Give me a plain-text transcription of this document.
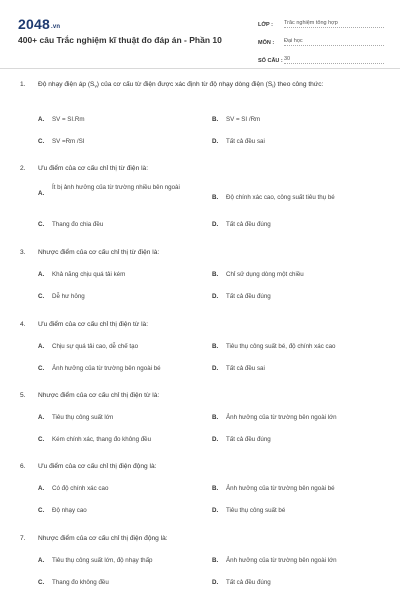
2048.vn
400+ câu Trắc nghiệm kĩ thuật đo đáp án - Phần 10
LỚP :	Trắc nghiệm tổng hợp
MÔN :	Đại học
SỐ CÂU : 30
1. Độ nhạy điện áp $(S_v)$ của cơ cấu từ điện được xác định từ độ nhạy dòng điện $(S_I)$ theo công thức:
A. SV = SI.Rm	B. SV = SI /Rm
C. SV =Rm /SI	D. Tất cả đều sai
2. Ưu điểm của cơ cấu chỉ thị từ điện là:
A.
Ít bị ảnh hưởng của từ trường nhiều bên ngoài
B. Độ chính xác cao, công suất tiêu thụ bé
C. Thang đo chia đều	D. Tất cả đều đúng
3. Nhược điểm của cơ cấu chỉ thị từ điện là:
A. Khả năng chịu quá tải kém	B. Chỉ sử dụng dòng một chiều
C. Dễ hư hỏng	D. Tất cả đều đúng
4. Ưu điểm của cơ cấu chỉ thị điện từ là:
A. Chịu sự quá tải cao, dễ chế tạo	B. Tiêu thụ công suất bé, độ chính xác cao
C. Ảnh hưởng của từ trường bên ngoài bé	D. Tất cả đều sai
5. Nhược điểm của cơ cấu chỉ thị điện từ là:
A. Tiêu thụ công suất lớn	B. Ảnh hưởng của từ trường bên ngoài lớn
C. Kém chính xác, thang đo không đều	D. Tất cả đều đúng
6. Ưu điểm của cơ cấu chỉ thị điện động là:
A. Có độ chính xác cao	B. Ảnh hưởng của từ trường bên ngoài bé
C. Độ nhạy cao	D. Tiêu thụ công suất bé
7. Nhược điểm của cơ cấu chỉ thị điện động là:
A. Tiêu thụ công suất lớn, độ nhạy thấp	B. Ảnh hưởng của từ trường bên ngoài lớn
C. Thang đo không đều	D. Tất cả đều đúng
